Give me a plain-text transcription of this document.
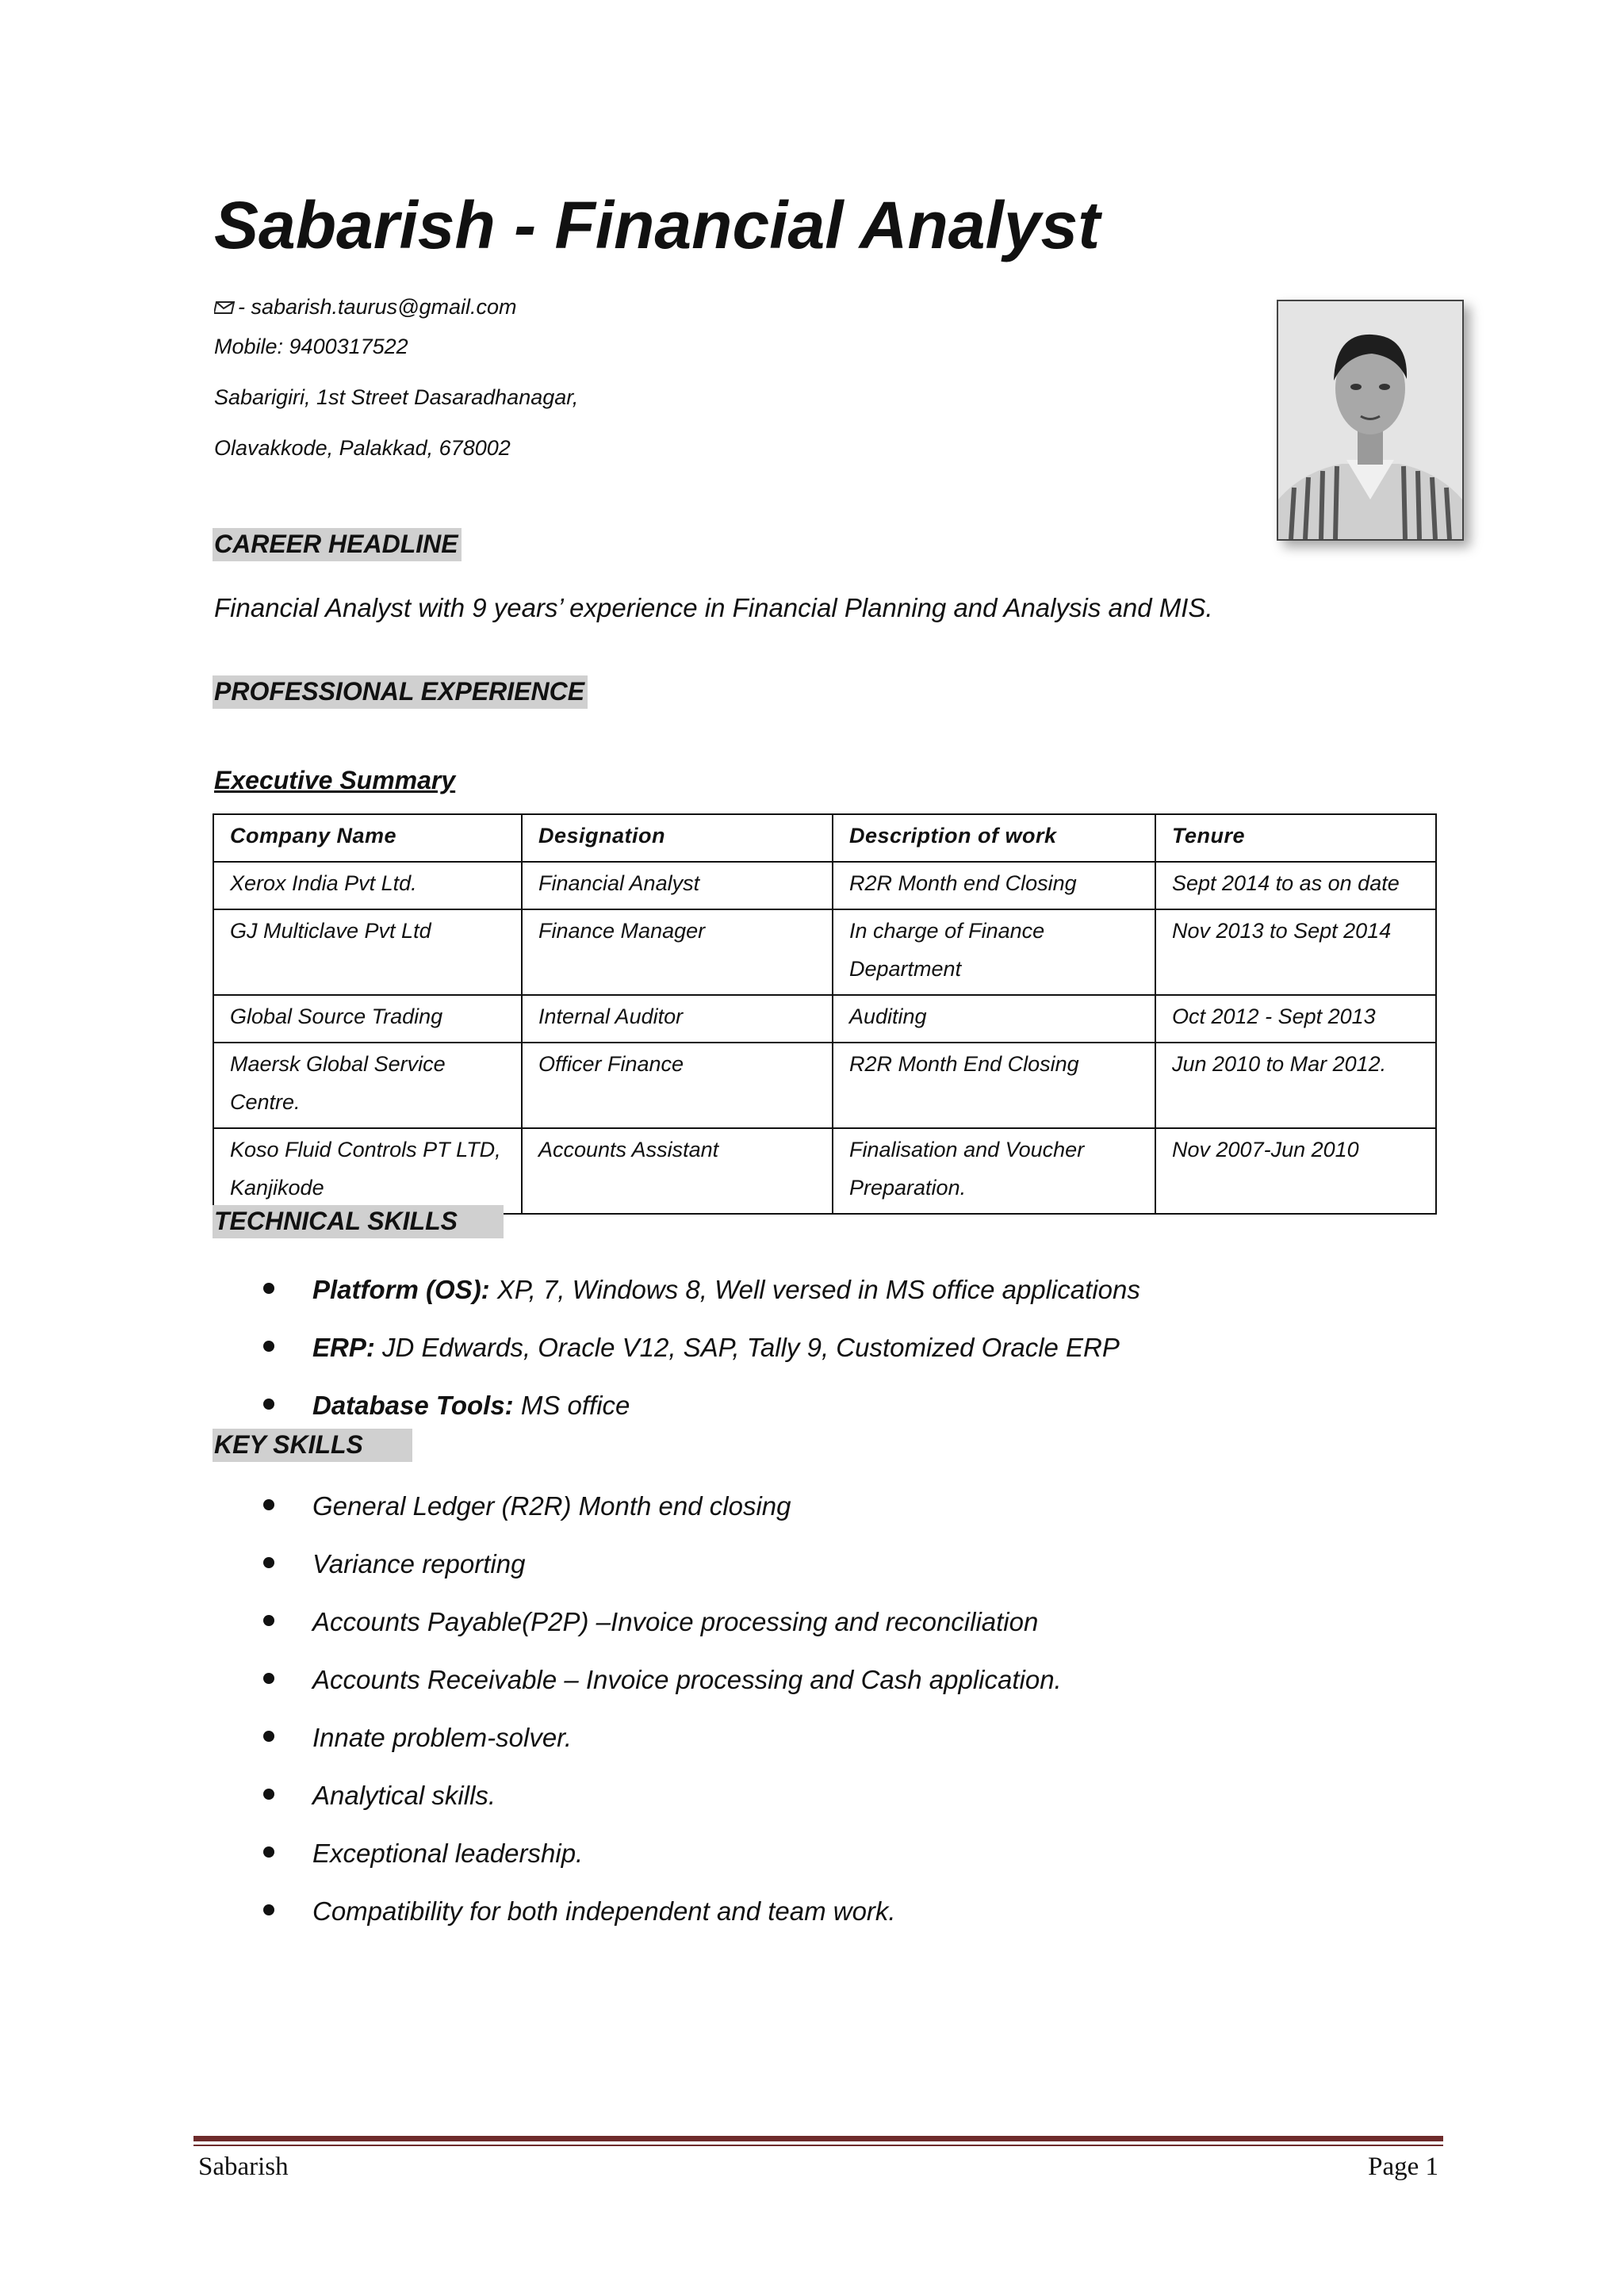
Sabarish - Financial Analyst
- sabarish.taurus@gmail.com
Mobile: 9400317522
Sabarigiri, 1st Street Dasaradhanagar,
Olavakkode, Palakkad, 678002
CAREER HEADLINE
Financial Analyst with 9 years’ experience in Financial Planning and Analysis and MIS.
PROFESSIONAL EXPERIENCE
Executive Summary
Company Name	Designation	Description of work	Tenure
Xerox India Pvt Ltd.	Financial Analyst	R2R Month end Closing	Sept 2014 to as on date
GJ Multiclave Pvt Ltd	Finance Manager	In charge of Finance Department	Nov 2013 to Sept 2014
Global Source Trading	Internal Auditor	Auditing	Oct 2012 - Sept 2013
Maersk Global Service Centre.	Officer Finance	R2R Month End Closing	Jun 2010 to Mar 2012.
Koso Fluid Controls PT LTD, Kanjikode	Accounts Assistant	Finalisation and Voucher Preparation.	Nov 2007-Jun 2010
TECHNICAL SKILLS
Platform (OS): XP, 7, Windows 8, Well versed in MS office applications
ERP: JD Edwards, Oracle V12, SAP, Tally 9, Customized Oracle ERP
Database Tools: MS office
KEY SKILLS
General Ledger (R2R) Month end closing
Variance reporting
Accounts Payable(P2P) –Invoice processing and reconciliation
Accounts Receivable – Invoice processing and Cash application.
Innate problem-solver.
Analytical skills.
Exceptional leadership.
Compatibility for both independent and team work.
Sabarish	Page 1
